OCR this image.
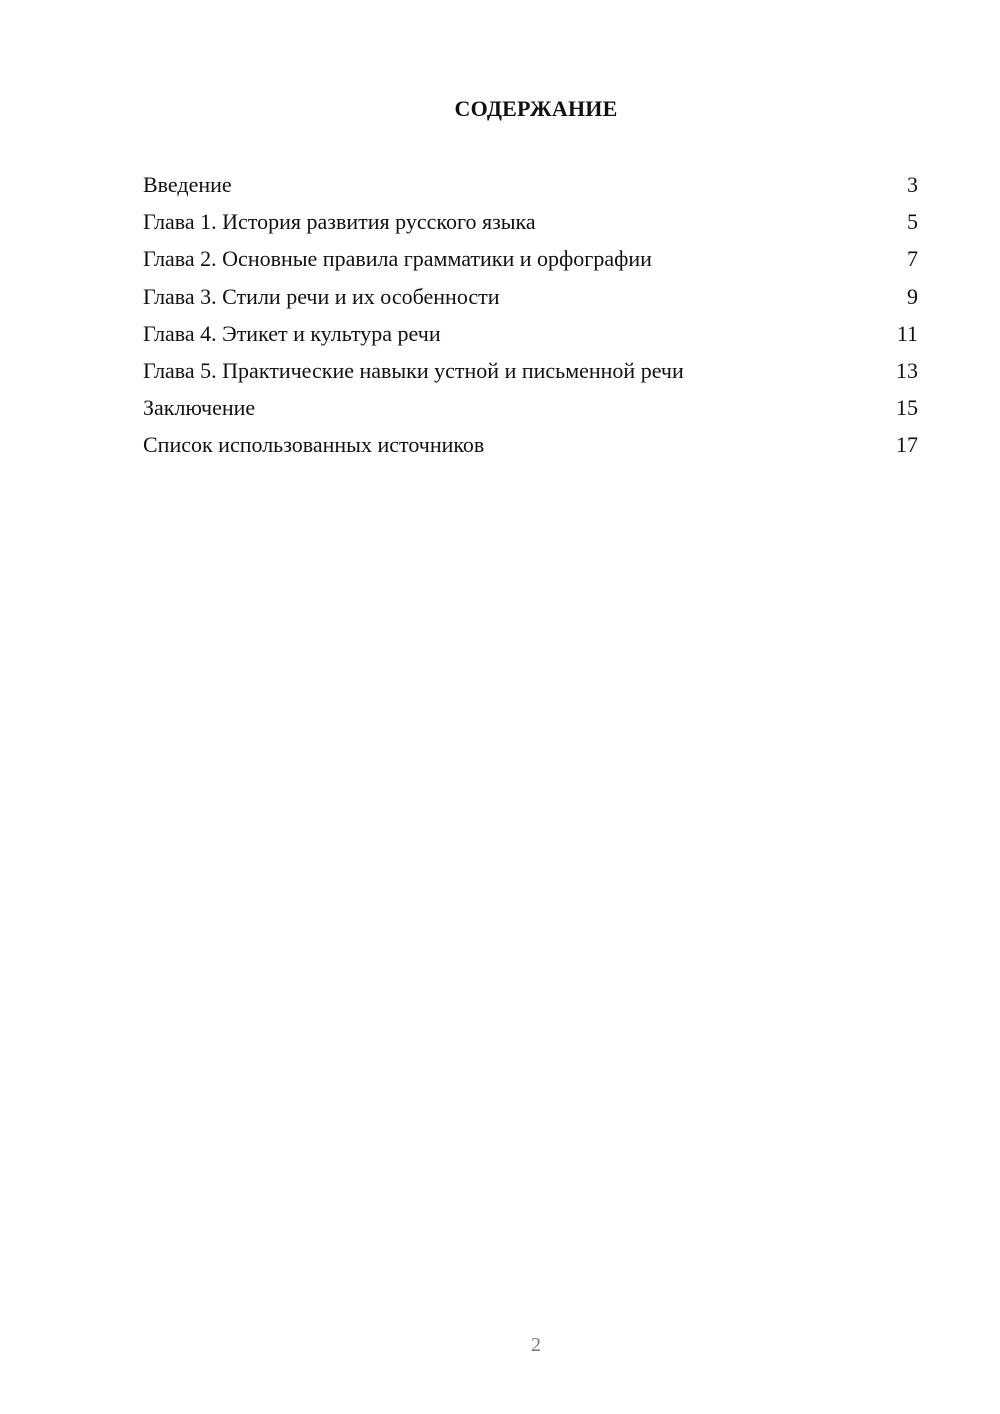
СОДЕРЖАНИЕ
Введение	3
Глава 1. История развития русского языка	5
Глава 2. Основные правила грамматики и орфографии	7
Глава 3. Стили речи и их особенности	9
Глава 4. Этикет и культура речи	11
Глава 5. Практические навыки устной и письменной речи	13
Заключение	15
Список использованных источников	17
2
